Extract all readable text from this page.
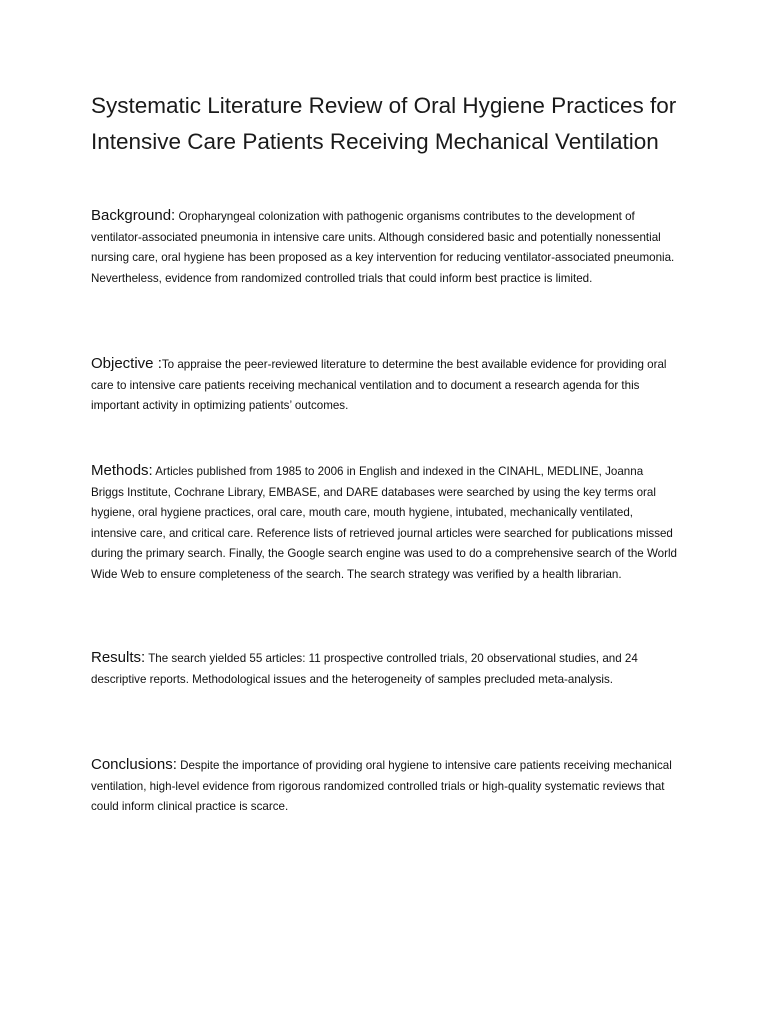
Systematic Literature Review of Oral Hygiene Practices for Intensive Care Patients Receiving Mechanical Ventilation
Background: Oropharyngeal colonization with pathogenic organisms contributes to the development of ventilator-associated pneumonia in intensive care units. Although considered basic and potentially nonessential nursing care, oral hygiene has been proposed as a key intervention for reducing ventilator-associated pneumonia. Nevertheless, evidence from randomized controlled trials that could inform best practice is limited.
Objective :To appraise the peer-reviewed literature to determine the best available evidence for providing oral care to intensive care patients receiving mechanical ventilation and to document a research agenda for this important activity in optimizing patients’ outcomes.
Methods: Articles published from 1985 to 2006 in English and indexed in the CINAHL, MEDLINE, Joanna Briggs Institute, Cochrane Library, EMBASE, and DARE databases were searched by using the key terms oral hygiene, oral hygiene practices, oral care, mouth care, mouth hygiene, intubated, mechanically ventilated, intensive care, and critical care. Reference lists of retrieved journal articles were searched for publications missed during the primary search. Finally, the Google search engine was used to do a comprehensive search of the World Wide Web to ensure completeness of the search. The search strategy was verified by a health librarian.
Results: The search yielded 55 articles: 11 prospective controlled trials, 20 observational studies, and 24 descriptive reports. Methodological issues and the heterogeneity of samples precluded meta-analysis.
Conclusions: Despite the importance of providing oral hygiene to intensive care patients receiving mechanical ventilation, high-level evidence from rigorous randomized controlled trials or high-quality systematic reviews that could inform clinical practice is scarce.
